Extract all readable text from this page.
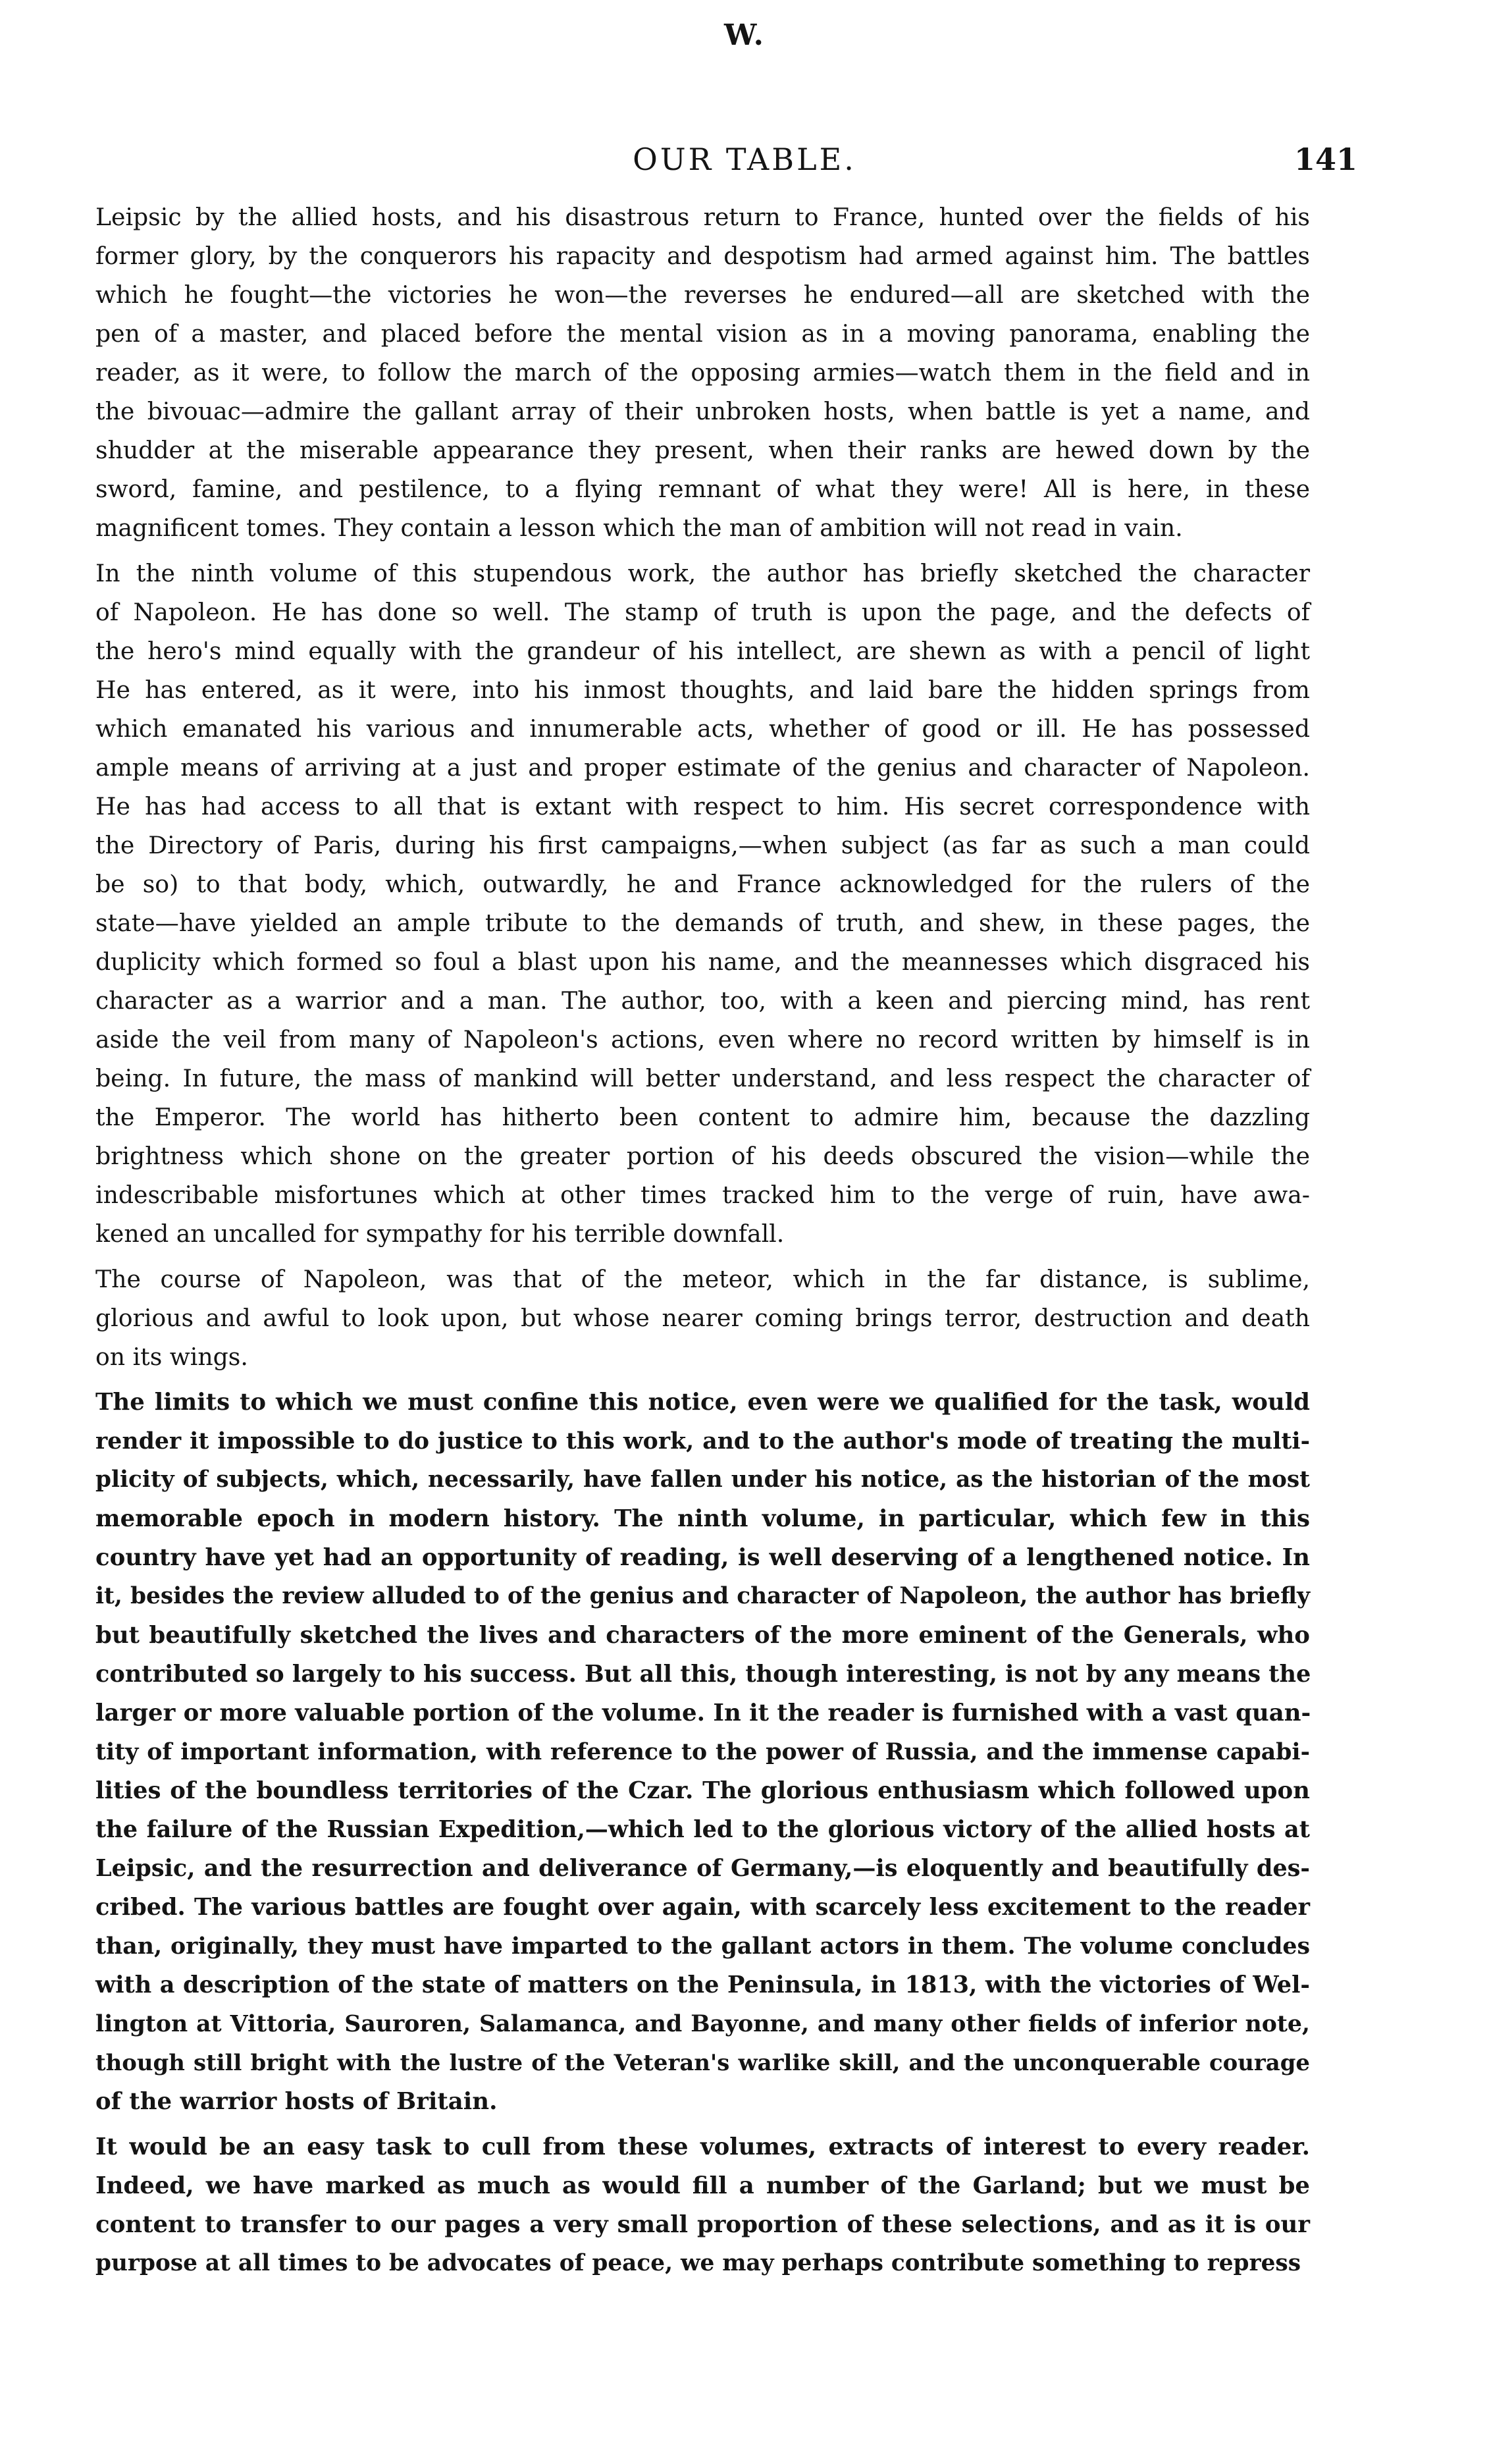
W.
OUR TABLE.	141
Leipsic by the allied hosts, and his disastrous return to France, hunted over the fields of his
former glory, by the conquerors his rapacity and despotism had armed against him. The battles
which he fought—the victories he won—the reverses he endured—all are sketched with the
pen of a master, and placed before the mental vision as in a moving panorama, enabling the
reader, as it were, to follow the march of the opposing armies—watch them in the field and in
the bivouac—admire the gallant array of their unbroken hosts, when battle is yet a name, and
shudder at the miserable appearance they present, when their ranks are hewed down by the
sword, famine, and pestilence, to a flying remnant of what they were! All is here, in these
magnificent tomes. They contain a lesson which the man of ambition will not read in vain.
In the ninth volume of this stupendous work, the author has briefly sketched the character
of Napoleon. He has done so well. The stamp of truth is upon the page, and the defects of
the hero's mind equally with the grandeur of his intellect, are shewn as with a pencil of light
He has entered, as it were, into his inmost thoughts, and laid bare the hidden springs from
which emanated his various and innumerable acts, whether of good or ill. He has possessed
ample means of arriving at a just and proper estimate of the genius and character of Napoleon.
He has had access to all that is extant with respect to him. His secret correspondence with
the Directory of Paris, during his first campaigns,—when subject (as far as such a man could
be so) to that body, which, outwardly, he and France acknowledged for the rulers of the
state—have yielded an ample tribute to the demands of truth, and shew, in these pages, the
duplicity which formed so foul a blast upon his name, and the meannesses which disgraced his
character as a warrior and a man. The author, too, with a keen and piercing mind, has rent
aside the veil from many of Napoleon's actions, even where no record written by himself is in
being. In future, the mass of mankind will better understand, and less respect the character of
the Emperor. The world has hitherto been content to admire him, because the dazzling
brightness which shone on the greater portion of his deeds obscured the vision—while the
indescribable misfortunes which at other times tracked him to the verge of ruin, have awa-
kened an uncalled for sympathy for his terrible downfall.
The course of Napoleon, was that of the meteor, which in the far distance, is sublime,
glorious and awful to look upon, but whose nearer coming brings terror, destruction and death
on its wings.
The limits to which we must confine this notice, even were we qualified for the task, would
render it impossible to do justice to this work, and to the author's mode of treating the multi-
plicity of subjects, which, necessarily, have fallen under his notice, as the historian of the most
memorable epoch in modern history. The ninth volume, in particular, which few in this
country have yet had an opportunity of reading, is well deserving of a lengthened notice. In
it, besides the review alluded to of the genius and character of Napoleon, the author has briefly
but beautifully sketched the lives and characters of the more eminent of the Generals, who
contributed so largely to his success. But all this, though interesting, is not by any means the
larger or more valuable portion of the volume. In it the reader is furnished with a vast quan-
tity of important information, with reference to the power of Russia, and the immense capabi-
lities of the boundless territories of the Czar. The glorious enthusiasm which followed upon
the failure of the Russian Expedition,—which led to the glorious victory of the allied hosts at
Leipsic, and the resurrection and deliverance of Germany,—is eloquently and beautifully des-
cribed. The various battles are fought over again, with scarcely less excitement to the reader
than, originally, they must have imparted to the gallant actors in them. The volume concludes
with a description of the state of matters on the Peninsula, in 1813, with the victories of Wel-
lington at Vittoria, Sauroren, Salamanca, and Bayonne, and many other fields of inferior note,
though still bright with the lustre of the Veteran's warlike skill, and the unconquerable courage
of the warrior hosts of Britain.
It would be an easy task to cull from these volumes, extracts of interest to every reader.
Indeed, we have marked as much as would fill a number of the Garland; but we must be
content to transfer to our pages a very small proportion of these selections, and as it is our
purpose at all times to be advocates of peace, we may perhaps contribute something to repress
